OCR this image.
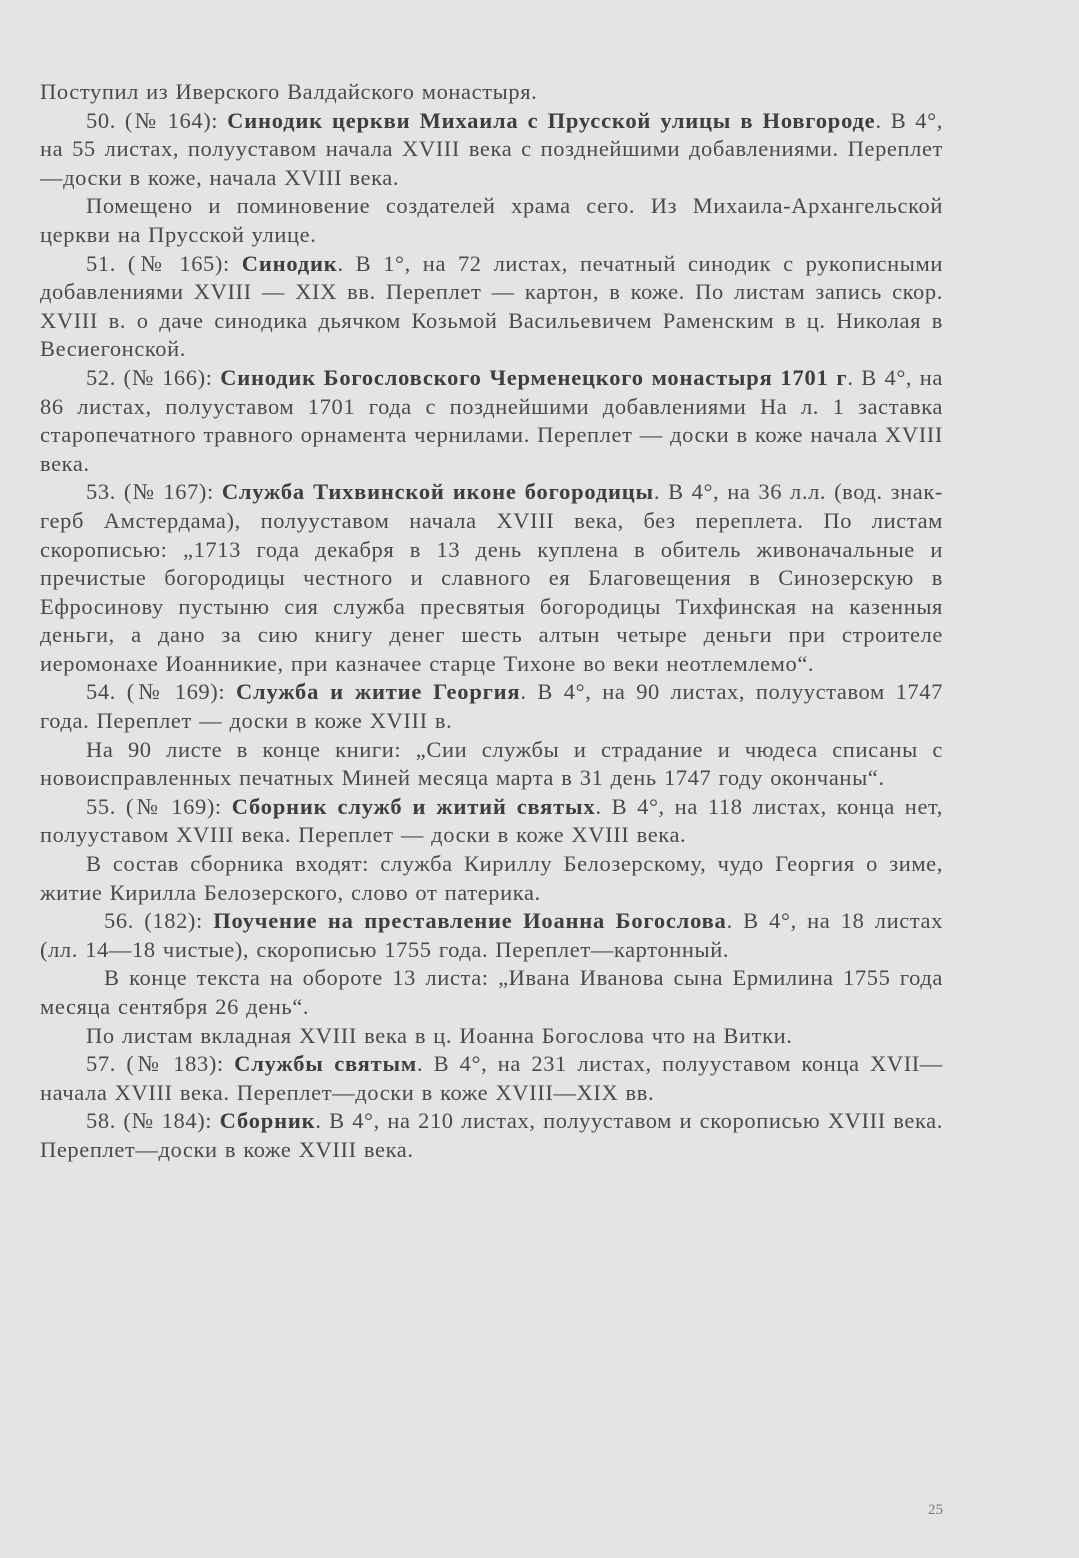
Поступил из Иверского Валдайского монастыря.

50. (№ 164): Синодик церкви Михаила с Прусской улицы в Новгороде. В 4°, на 55 листах, полууставом начала XVIII века с позднейшими добавлениями. Переплет—доски в коже, начала XVIII века.

Помещено и поминовение создателей храма сего. Из Михаила-Архангельской церкви на Прусской улице.

51. (№ 165): Синодик. В 1°, на 72 листах, печатный синодик с рукописными добавлениями XVIII — XIX вв. Переплет — картон, в коже. По листам запись скор. XVIII в. о даче синодика дьячком Козьмой Васильевичем Раменским в ц. Николая в Весиегонской.

52. (№ 166): Синодик Богословского Черменецкого монастыря 1701 г. В 4°, на 86 листах, полууставом 1701 года с позднейшими добавлениями На л. 1 заставка старопечатного травного орнамента чернилами. Переплет — доски в коже начала XVIII века.

53. (№ 167): Служба Тихвинской иконе богородицы. В 4°, на 36 л.л. (вод. знак-герб Амстердама), полууставом начала XVIII века, без переплета. По листам скорописью: „1713 года декабря в 13 день куплена в обитель живоначальные и пречистые богородицы честного и славного ея Благовещения в Синозерскую в Ефросинову пустыню сия служба пресвятыя богородицы Тихфинская на казенныя деньги, а дано за сию книгу денег шесть алтын четыре деньги при строителе иеромонахе Иоанникие, при казначее старце Тихоне во веки неотлемлемо“.

54. (№ 169): Служба и житие Георгия. В 4°, на 90 листах, полууставом 1747 года. Переплет — доски в коже XVIII в.

На 90 листе в конце книги: „Сии службы и страдание и чюдеса списаны с новоисправленных печатных Миней месяца марта в 31 день 1747 году окончаны“.

55. (№ 169): Сборник служб и житий святых. В 4°, на 118 листах, конца нет, полууставом XVIII века. Переплет — доски в коже XVIII века.

В состав сборника входят: служба Кириллу Белозерскому, чудо Георгия о зиме, житие Кирилла Белозерского, слово от патерика.

56. (182): Поучение на преставление Иоанна Богослова. В 4°, на 18 листах (лл. 14—18 чистые), скорописью 1755 года. Переплет—картонный.

В конце текста на обороте 13 листа: „Ивана Иванова сына Ермилина 1755 года месяца сентября 26 день“.

По листам вкладная XVIII века в ц. Иоанна Богослова что на Витки.

57. (№ 183): Службы святым. В 4°, на 231 листах, полууставом конца XVII—начала XVIII века. Переплет—доски в коже XVIII—XIX вв.

58. (№ 184): Сборник. В 4°, на 210 листах, полууставом и скорописью XVIII века. Переплет—доски в коже XVIII века.

25
